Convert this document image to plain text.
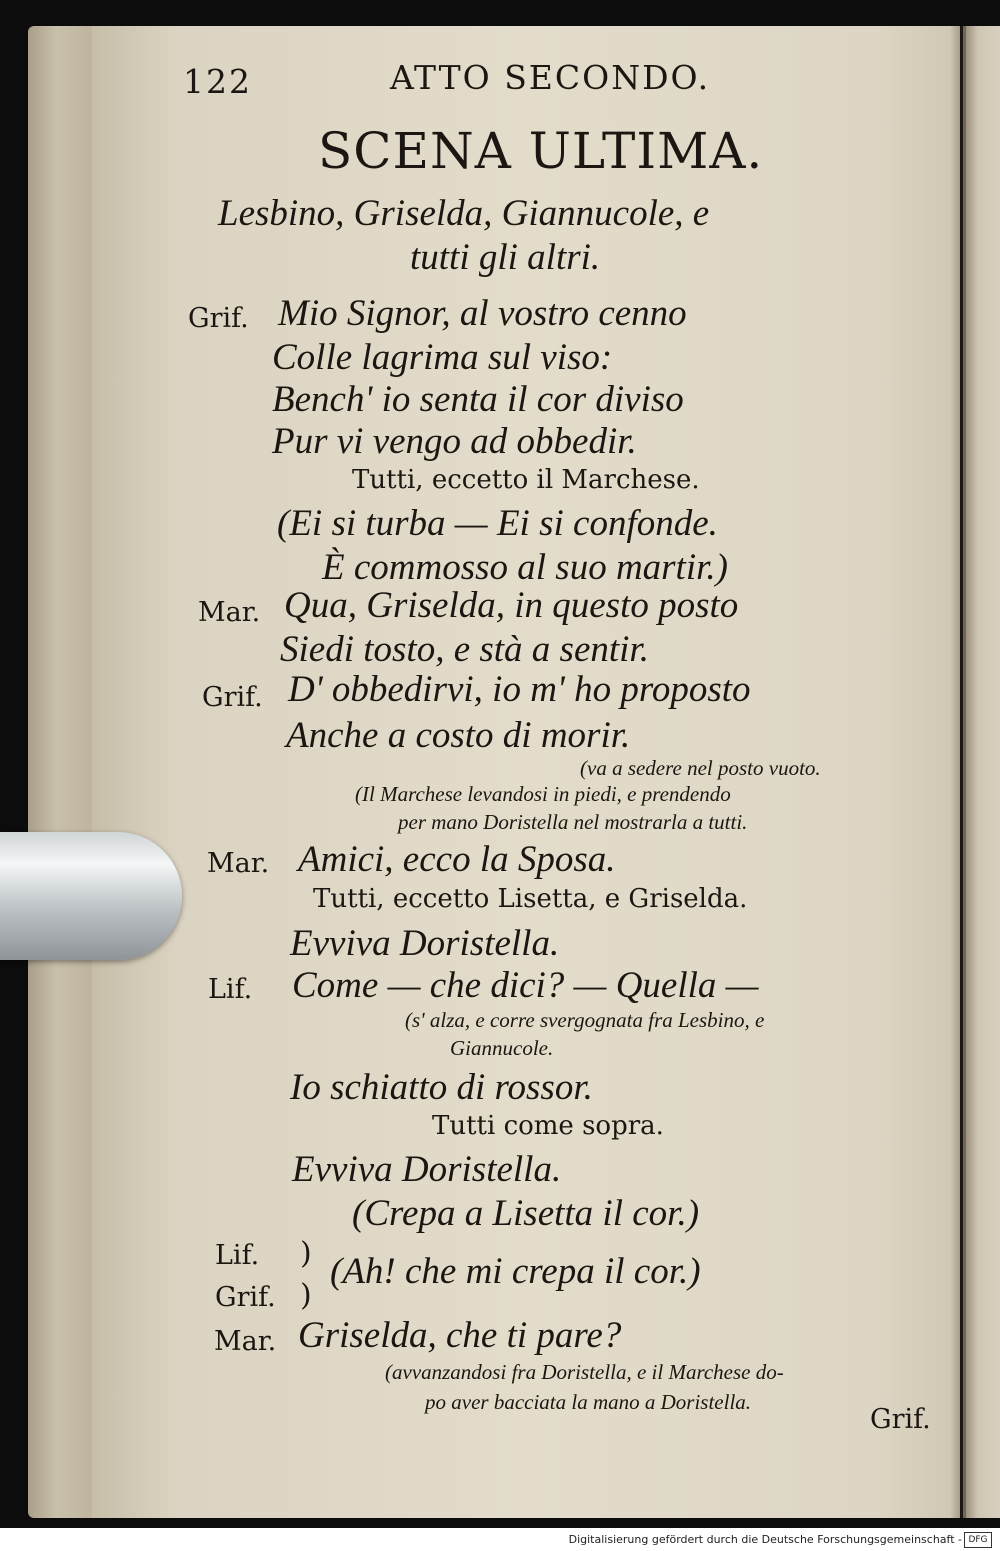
122	ATTO SECONDO.
SCENA ULTIMA.
Lesbino, Griselda, Giannucole, e
tutti gli altri.
Grif. Mio Signor, al vostro cenno
Colle lagrima sul viso:
Bench' io senta il cor diviso
Pur vi vengo ad obbedir.
Tutti, eccetto il Marchese.
(Ei si turba — Ei si confonde.
È commosso al suo martir.)
Mar. Qua, Griselda, in questo posto
Siedi tosto, e stà a sentir.
Grif. D' obbedirvi, io m' ho proposto
Anche a costo di morir.
(va a sedere nel posto vuoto.
(Il Marchese levandosi in piedi, e prendendo
per mano Doristella nel mostrarla a tutti.
Mar. Amici, ecco la Sposa.
Tutti, eccetto Lisetta, e Griselda.
Evviva Doristella.
Lif. Come — che dici? — Quella —
(s' alza, e corre svergognata fra Lesbino, e
Giannucole.
Io schiatto di rossor.
Tutti come sopra.
Evviva Doristella.
(Crepa a Lisetta il cor.)
Lif.
Grif.
)
)
(Ah! che mi crepa il cor.)
Mar. Griselda, che ti pare?
(avvanzandosi fra Doristella, e il Marchese do-
po aver bacciata la mano a Doristella.
Grif.
Digitalisierung gefördert durch die Deutsche Forschungsgemeinschaft - DFG
